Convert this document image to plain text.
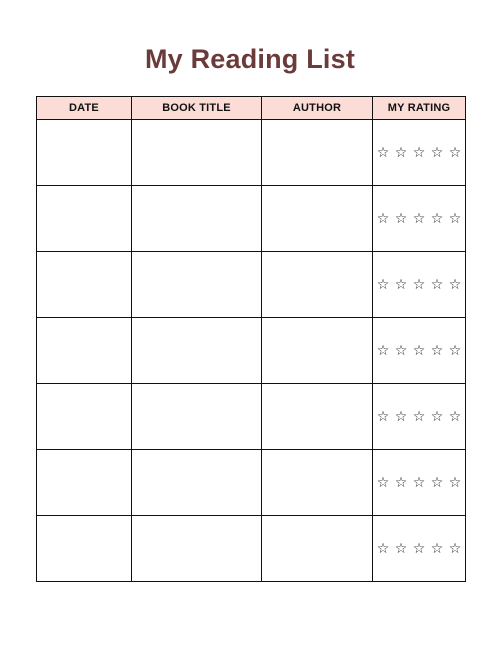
My Reading List
DATE	BOOK TITLE	AUTHOR	MY RATING
			☆ ☆ ☆ ☆ ☆
			☆ ☆ ☆ ☆ ☆
			☆ ☆ ☆ ☆ ☆
			☆ ☆ ☆ ☆ ☆
			☆ ☆ ☆ ☆ ☆
			☆ ☆ ☆ ☆ ☆
			☆ ☆ ☆ ☆ ☆
